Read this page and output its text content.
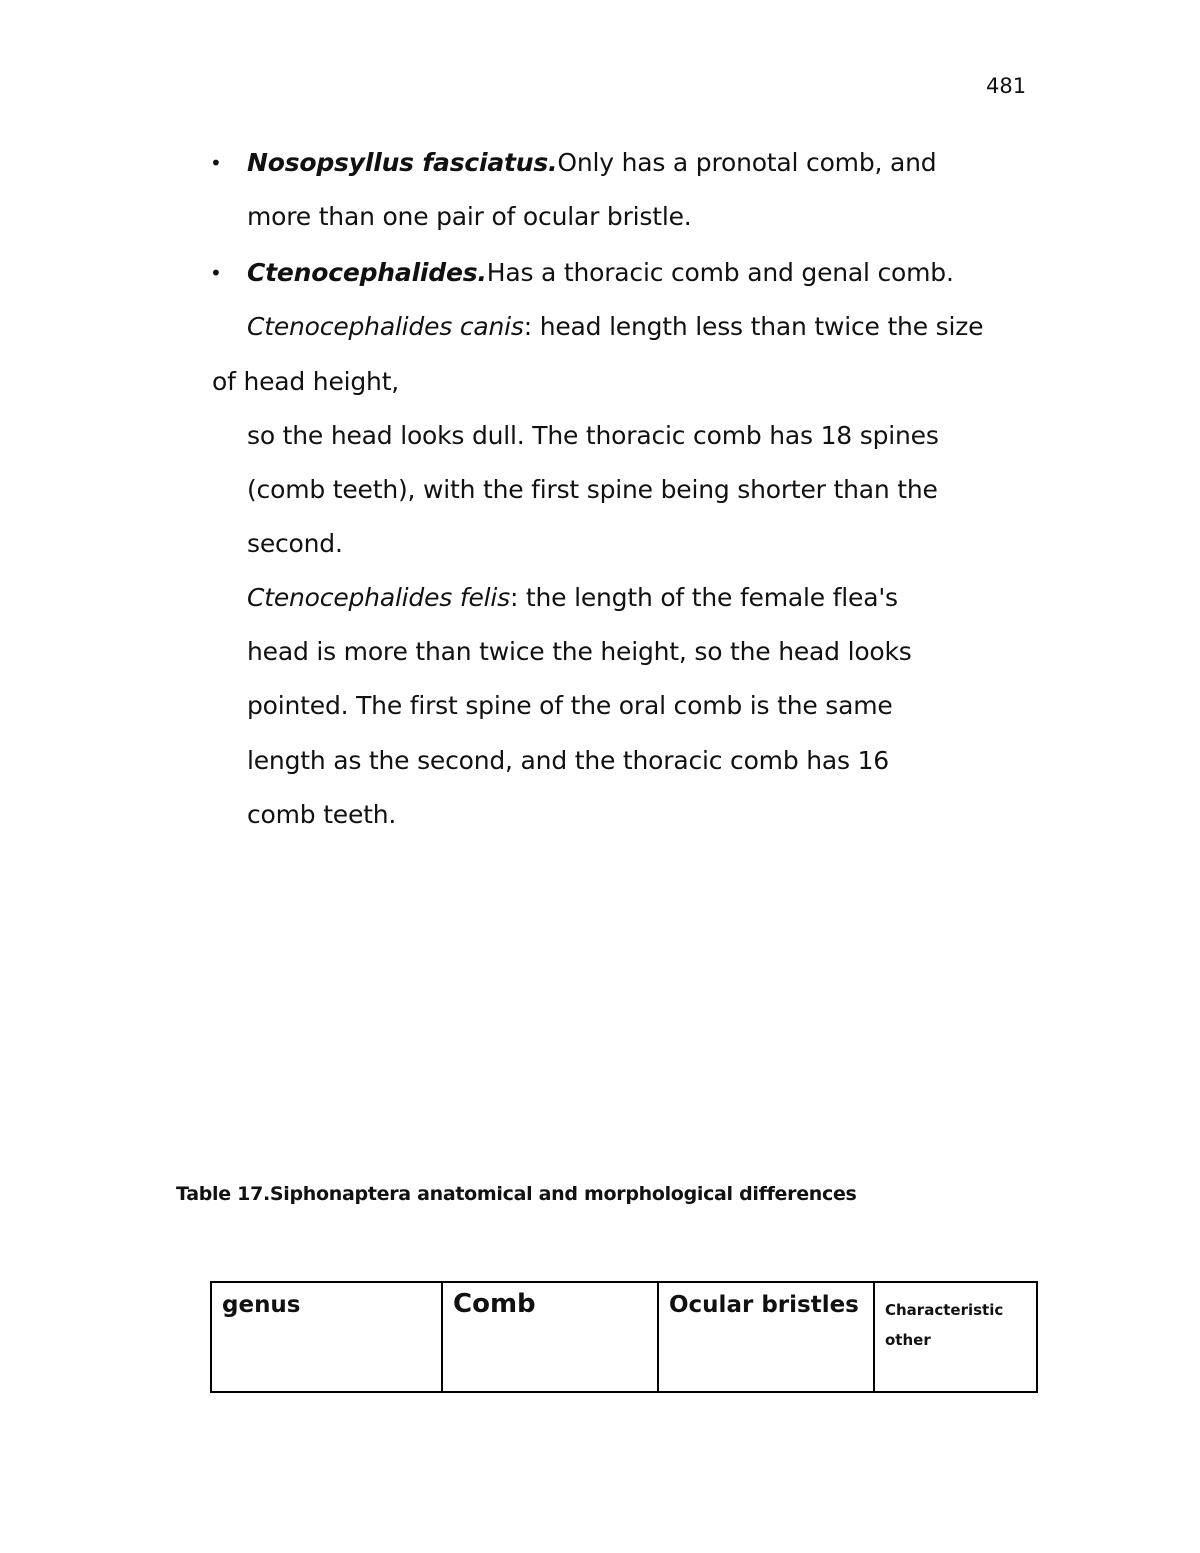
481
• Nosopsyllus fasciatus.Only has a pronotal comb, and
more than one pair of ocular bristle.
• Ctenocephalides.Has a thoracic comb and genal comb.
Ctenocephalides canis: head length less than twice the size
of head height,
so the head looks dull. The thoracic comb has 18 spines
(comb teeth), with the first spine being shorter than the
second.
Ctenocephalides felis: the length of the female flea's
head is more than twice the height, so the head looks
pointed. The first spine of the oral comb is the same
length as the second, and the thoracic comb has 16
comb teeth.
Table 17.Siphonaptera anatomical and morphological differences
genus	Comb	Ocular bristles	Characteristic
other
